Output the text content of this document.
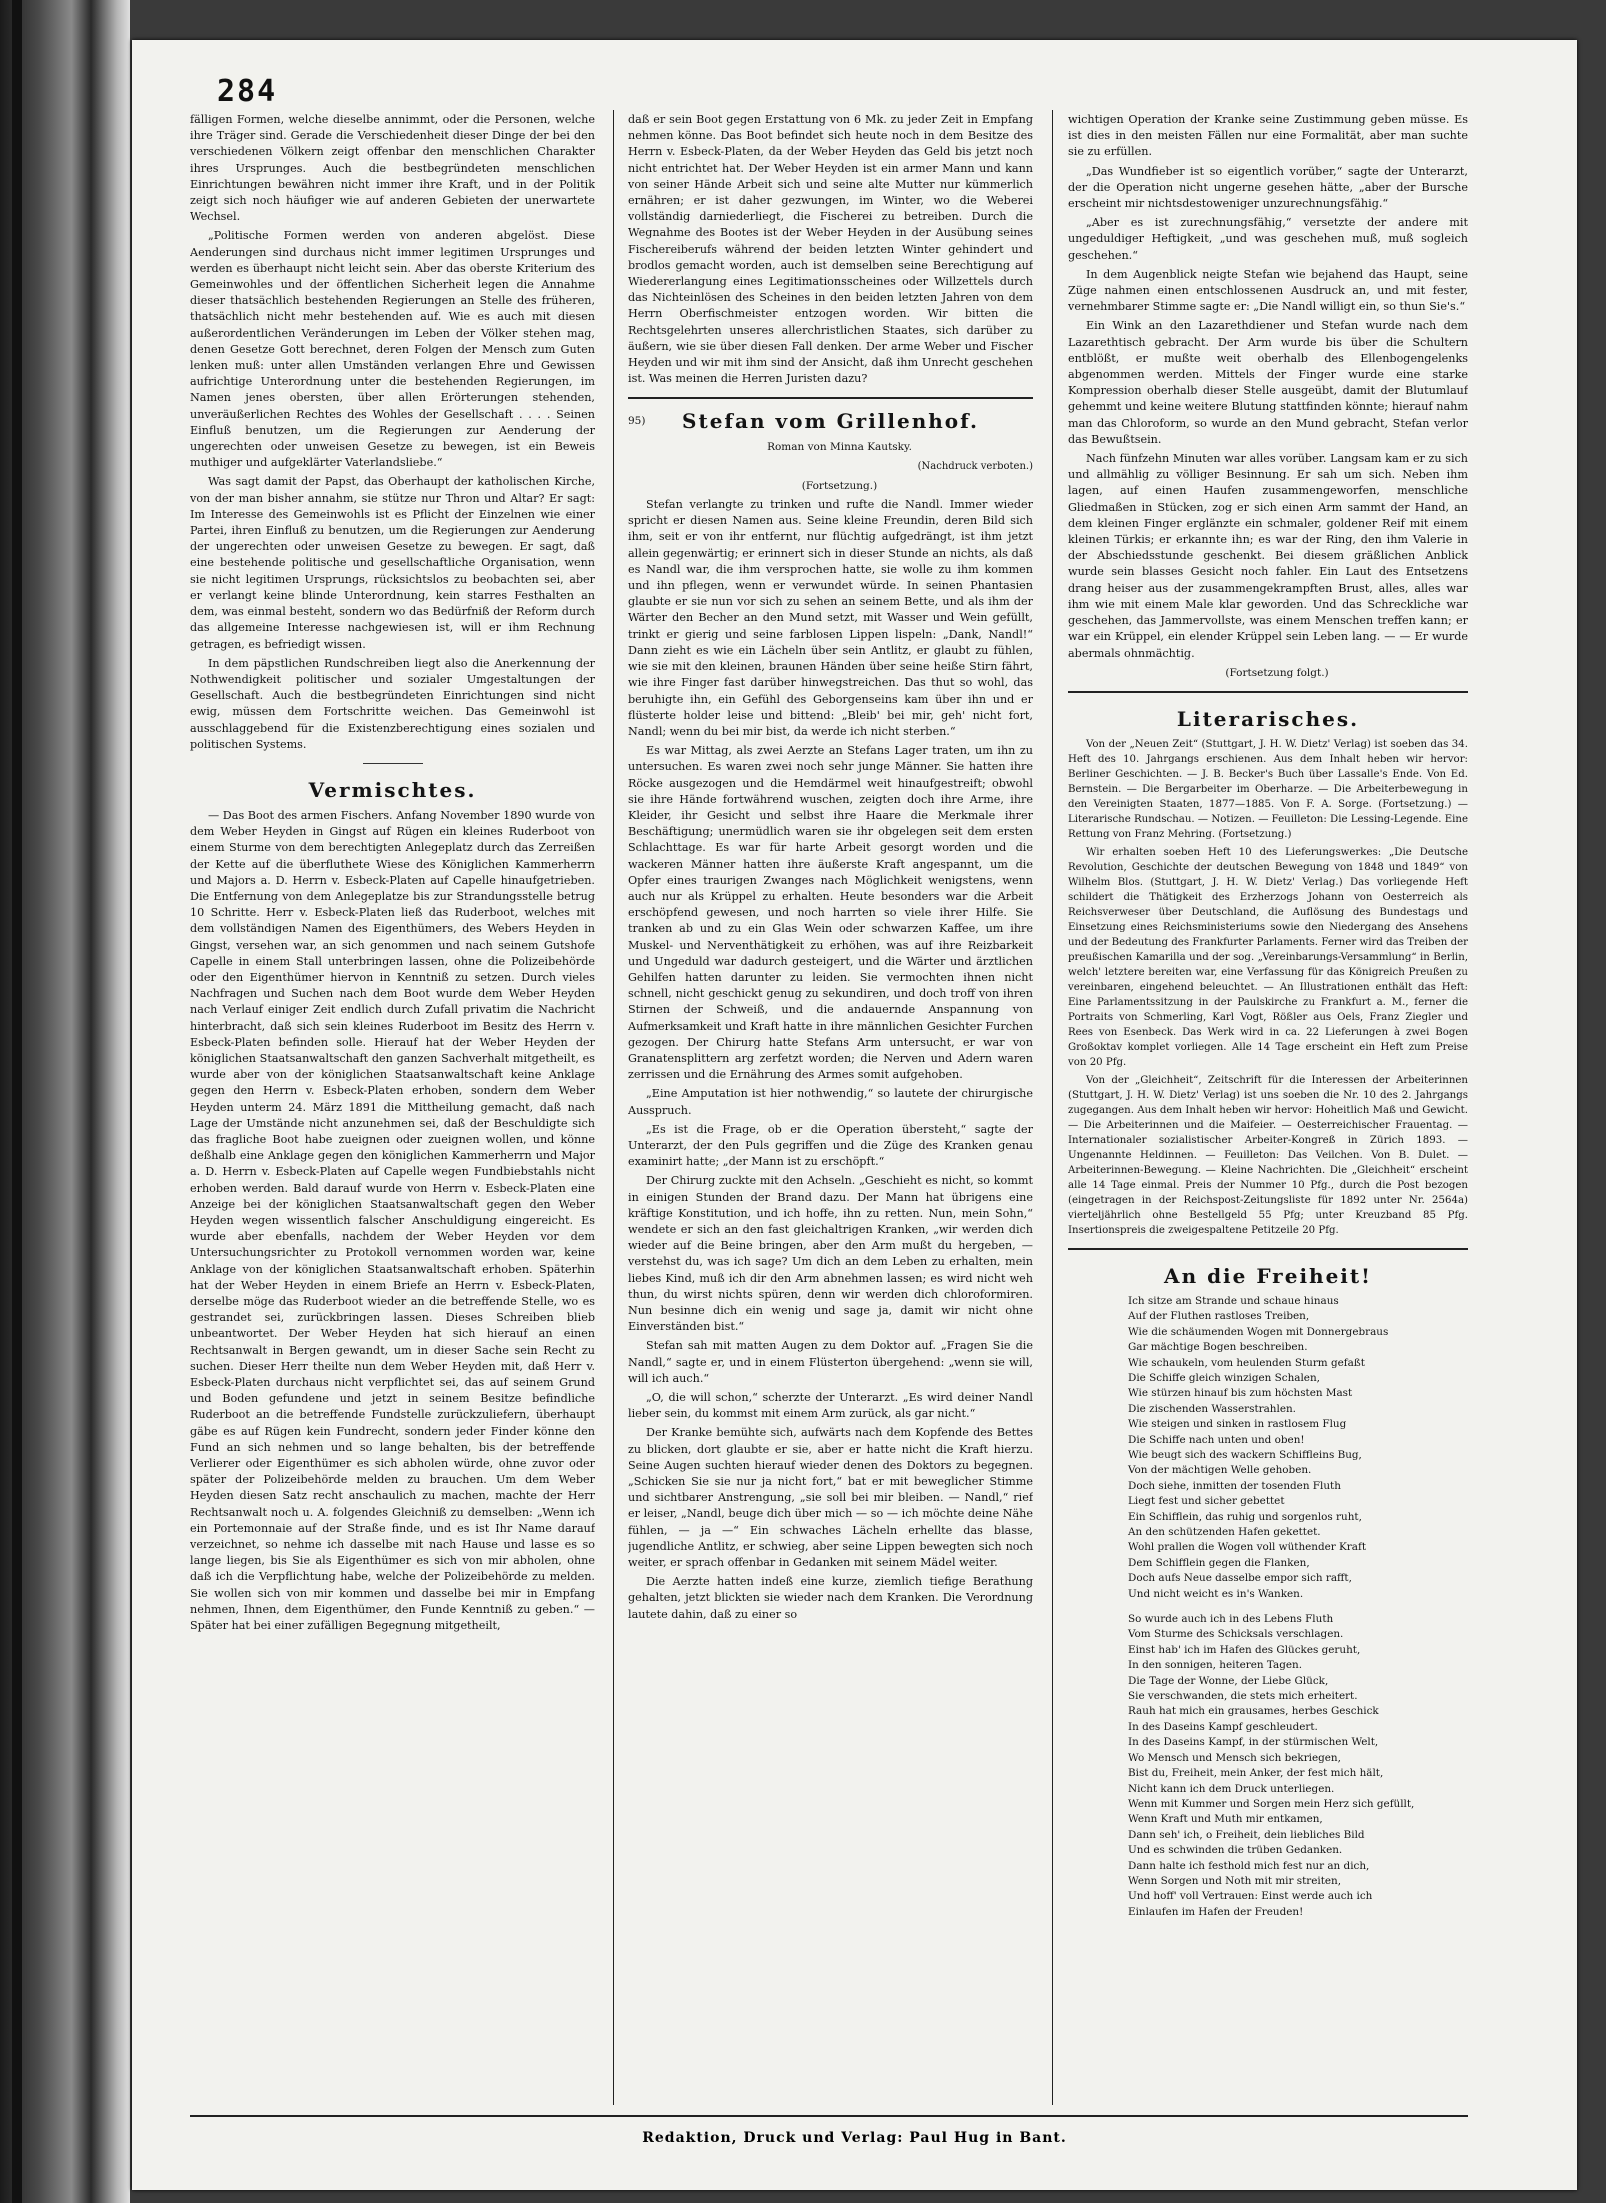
284

fälligen Formen, welche dieselbe annimmt, oder die Personen, welche ihre Träger sind. Gerade die Verschiedenheit dieser Dinge der bei den verschiedenen Völkern zeigt offenbar den menschlichen Charakter ihres Ursprunges. Auch die bestbegründeten menschlichen Einrichtungen bewähren nicht immer ihre Kraft, und in der Politik zeigt sich noch häufiger wie auf anderen Gebieten der unerwartete Wechsel.

„Politische Formen werden von anderen abgelöst. Diese Aenderungen sind durchaus nicht immer legitimen Ursprunges und werden es überhaupt nicht leicht sein. Aber das oberste Kriterium des Gemeinwohles und der öffentlichen Sicherheit legen die Annahme dieser thatsächlich bestehenden Regierungen an Stelle des früheren, thatsächlich nicht mehr bestehenden auf. Wie es auch mit diesen außerordentlichen Veränderungen im Leben der Völker stehen mag, denen Gesetze Gott berechnet, deren Folgen der Mensch zum Guten lenken muß: unter allen Umständen verlangen Ehre und Gewissen aufrichtige Unterordnung unter die bestehenden Regierungen, im Namen jenes obersten, über allen Erörterungen stehenden, unveräußerlichen Rechtes des Wohles der Gesellschaft . . . . Seinen Einfluß benutzen, um die Regierungen zur Aenderung der ungerechten oder unweisen Gesetze zu bewegen, ist ein Beweis muthiger und aufgeklärter Vaterlandsliebe.“

Was sagt damit der Papst, das Oberhaupt der katholischen Kirche, von der man bisher annahm, sie stütze nur Thron und Altar? Er sagt: Im Interesse des Gemeinwohls ist es Pflicht der Einzelnen wie einer Partei, ihren Einfluß zu benutzen, um die Regierungen zur Aenderung der ungerechten oder unweisen Gesetze zu bewegen. Er sagt, daß eine bestehende politische und gesellschaftliche Organisation, wenn sie nicht legitimen Ursprungs, rücksichtslos zu beobachten sei, aber er verlangt keine blinde Unterordnung, kein starres Festhalten an dem, was einmal besteht, sondern wo das Bedürfniß der Reform durch das allgemeine Interesse nachgewiesen ist, will er ihm Rechnung getragen, es befriedigt wissen.

In dem päpstlichen Rundschreiben liegt also die Anerkennung der Nothwendigkeit politischer und sozialer Umgestaltungen der Gesellschaft. Auch die bestbegründeten Einrichtungen sind nicht ewig, müssen dem Fortschritte weichen. Das Gemeinwohl ist ausschlaggebend für die Existenzberechtigung eines sozialen und politischen Systems.

Vermischtes.

— Das Boot des armen Fischers. Anfang November 1890 wurde von dem Weber Heyden in Gingst auf Rügen ein kleines Ruderboot von einem Sturme von dem berechtigten Anlegeplatz durch das Zerreißen der Kette auf die überfluthete Wiese des Königlichen Kammerherrn und Majors a. D. Herrn v. Esbeck-Platen auf Capelle hinaufgetrieben. Die Entfernung von dem Anlegeplatze bis zur Strandungsstelle betrug 10 Schritte. Herr v. Esbeck-Platen ließ das Ruderboot, welches mit dem vollständigen Namen des Eigenthümers, des Webers Heyden in Gingst, versehen war, an sich genommen und nach seinem Gutshofe Capelle in einem Stall unterbringen lassen, ohne die Polizeibehörde oder den Eigenthümer hiervon in Kenntniß zu setzen. Durch vieles Nachfragen und Suchen nach dem Boot wurde dem Weber Heyden nach Verlauf einiger Zeit endlich durch Zufall privatim die Nachricht hinterbracht, daß sich sein kleines Ruderboot im Besitz des Herrn v. Esbeck-Platen befinden solle. Hierauf hat der Weber Heyden der königlichen Staatsanwaltschaft den ganzen Sachverhalt mitgetheilt, es wurde aber von der königlichen Staatsanwaltschaft keine Anklage gegen den Herrn v. Esbeck-Platen erhoben, sondern dem Weber Heyden unterm 24. März 1891 die Mittheilung gemacht, daß nach Lage der Umstände nicht anzunehmen sei, daß der Beschuldigte sich das fragliche Boot habe zueignen oder zueignen wollen, und könne deßhalb eine Anklage gegen den königlichen Kammerherrn und Major a. D. Herrn v. Esbeck-Platen auf Capelle wegen Fundbiebstahls nicht erhoben werden. Bald darauf wurde von Herrn v. Esbeck-Platen eine Anzeige bei der königlichen Staatsanwaltschaft gegen den Weber Heyden wegen wissentlich falscher Anschuldigung eingereicht. Es wurde aber ebenfalls, nachdem der Weber Heyden vor dem Untersuchungsrichter zu Protokoll vernommen worden war, keine Anklage von der königlichen Staatsanwaltschaft erhoben. Späterhin hat der Weber Heyden in einem Briefe an Herrn v. Esbeck-Platen, derselbe möge das Ruderboot wieder an die betreffende Stelle, wo es gestrandet sei, zurückbringen lassen. Dieses Schreiben blieb unbeantwortet. Der Weber Heyden hat sich hierauf an einen Rechtsanwalt in Bergen gewandt, um in dieser Sache sein Recht zu suchen. Dieser Herr theilte nun dem Weber Heyden mit, daß Herr v. Esbeck-Platen durchaus nicht verpflichtet sei, das auf seinem Grund und Boden gefundene und jetzt in seinem Besitze befindliche Ruderboot an die betreffende Fundstelle zurückzuliefern, überhaupt gäbe es auf Rügen kein Fundrecht, sondern jeder Finder könne den Fund an sich nehmen und so lange behalten, bis der betreffende Verlierer oder Eigenthümer es sich abholen würde, ohne zuvor oder später der Polizeibehörde melden zu brauchen. Um dem Weber Heyden diesen Satz recht anschaulich zu machen, machte der Herr Rechtsanwalt noch u. A. folgendes Gleichniß zu demselben: „Wenn ich ein Portemonnaie auf der Straße finde, und es ist Ihr Name darauf verzeichnet, so nehme ich dasselbe mit nach Hause und lasse es so lange liegen, bis Sie als Eigenthümer es sich von mir abholen, ohne daß ich die Verpflichtung habe, welche der Polizeibehörde zu melden. Sie wollen sich von mir kommen und dasselbe bei mir in Empfang nehmen, Ihnen, dem Eigenthümer, den Funde Kenntniß zu geben.“ — Später hat bei einer zufälligen Begegnung mitgetheilt,

daß er sein Boot gegen Erstattung von 6 Mk. zu jeder Zeit in Empfang nehmen könne. Das Boot befindet sich heute noch in dem Besitze des Herrn v. Esbeck-Platen, da der Weber Heyden das Geld bis jetzt noch nicht entrichtet hat. Der Weber Heyden ist ein armer Mann und kann von seiner Hände Arbeit sich und seine alte Mutter nur kümmerlich ernähren; er ist daher gezwungen, im Winter, wo die Weberei vollständig darniederliegt, die Fischerei zu betreiben. Durch die Wegnahme des Bootes ist der Weber Heyden in der Ausübung seines Fischereiberufs während der beiden letzten Winter gehindert und brodlos gemacht worden, auch ist demselben seine Berechtigung auf Wiedererlangung eines Legitimationsscheines oder Willzettels durch das Nichteinlösen des Scheines in den beiden letzten Jahren von dem Herrn Oberfischmeister entzogen worden. Wir bitten die Rechtsgelehrten unseres allerchristlichen Staates, sich darüber zu äußern, wie sie über diesen Fall denken. Der arme Weber und Fischer Heyden und wir mit ihm sind der Ansicht, daß ihm Unrecht geschehen ist. Was meinen die Herren Juristen dazu?

95)	Stefan vom Grillenhof.

Roman von Minna Kautsky.

(Nachdruck verboten.)

(Fortsetzung.)

Stefan verlangte zu trinken und rufte die Nandl. Immer wieder spricht er diesen Namen aus. Seine kleine Freundin, deren Bild sich ihm, seit er von ihr entfernt, nur flüchtig aufgedrängt, ist ihm jetzt allein gegenwärtig; er erinnert sich in dieser Stunde an nichts, als daß es Nandl war, die ihm versprochen hatte, sie wolle zu ihm kommen und ihn pflegen, wenn er verwundet würde. In seinen Phantasien glaubte er sie nun vor sich zu sehen an seinem Bette, und als ihm der Wärter den Becher an den Mund setzt, mit Wasser und Wein gefüllt, trinkt er gierig und seine farblosen Lippen lispeln: „Dank, Nandl!“ Dann zieht es wie ein Lächeln über sein Antlitz, er glaubt zu fühlen, wie sie mit den kleinen, braunen Händen über seine heiße Stirn fährt, wie ihre Finger fast darüber hinwegstreichen. Das thut so wohl, das beruhigte ihn, ein Gefühl des Geborgenseins kam über ihn und er flüsterte holder leise und bittend: „Bleib' bei mir, geh' nicht fort, Nandl; wenn du bei mir bist, da werde ich nicht sterben.“

Es war Mittag, als zwei Aerzte an Stefans Lager traten, um ihn zu untersuchen. Es waren zwei noch sehr junge Männer. Sie hatten ihre Röcke ausgezogen und die Hemdärmel weit hinaufgestreift; obwohl sie ihre Hände fortwährend wuschen, zeigten doch ihre Arme, ihre Kleider, ihr Gesicht und selbst ihre Haare die Merkmale ihrer Beschäftigung; unermüdlich waren sie ihr obgelegen seit dem ersten Schlachttage. Es war für harte Arbeit gesorgt worden und die wackeren Männer hatten ihre äußerste Kraft angespannt, um die Opfer eines traurigen Zwanges nach Möglichkeit wenigstens, wenn auch nur als Krüppel zu erhalten. Heute besonders war die Arbeit erschöpfend gewesen, und noch harrten so viele ihrer Hilfe. Sie tranken ab und zu ein Glas Wein oder schwarzen Kaffee, um ihre Muskel- und Nerventhätigkeit zu erhöhen, was auf ihre Reizbarkeit und Ungeduld war dadurch gesteigert, und die Wärter und ärztlichen Gehilfen hatten darunter zu leiden. Sie vermochten ihnen nicht schnell, nicht geschickt genug zu sekundiren, und doch troff von ihren Stirnen der Schweiß, und die andauernde Anspannung von Aufmerksamkeit und Kraft hatte in ihre männlichen Gesichter Furchen gezogen. Der Chirurg hatte Stefans Arm untersucht, er war von Granatensplittern arg zerfetzt worden; die Nerven und Adern waren zerrissen und die Ernährung des Armes somit aufgehoben.

„Eine Amputation ist hier nothwendig,“ so lautete der chirurgische Ausspruch.

„Es ist die Frage, ob er die Operation übersteht,“ sagte der Unterarzt, der den Puls gegriffen und die Züge des Kranken genau examinirt hatte; „der Mann ist zu erschöpft.“

Der Chirurg zuckte mit den Achseln. „Geschieht es nicht, so kommt in einigen Stunden der Brand dazu. Der Mann hat übrigens eine kräftige Konstitution, und ich hoffe, ihn zu retten. Nun, mein Sohn,“ wendete er sich an den fast gleichaltrigen Kranken, „wir werden dich wieder auf die Beine bringen, aber den Arm mußt du hergeben, — verstehst du, was ich sage? Um dich an dem Leben zu erhalten, mein liebes Kind, muß ich dir den Arm abnehmen lassen; es wird nicht weh thun, du wirst nichts spüren, denn wir werden dich chloroformiren. Nun besinne dich ein wenig und sage ja, damit wir nicht ohne Einverständen bist.“

Stefan sah mit matten Augen zu dem Doktor auf. „Fragen Sie die Nandl,“ sagte er, und in einem Flüsterton übergehend: „wenn sie will, will ich auch.“

„O, die will schon,“ scherzte der Unterarzt. „Es wird deiner Nandl lieber sein, du kommst mit einem Arm zurück, als gar nicht.“

Der Kranke bemühte sich, aufwärts nach dem Kopfende des Bettes zu blicken, dort glaubte er sie, aber er hatte nicht die Kraft hierzu. Seine Augen suchten hierauf wieder denen des Doktors zu begegnen. „Schicken Sie sie nur ja nicht fort,“ bat er mit beweglicher Stimme und sichtbarer Anstrengung, „sie soll bei mir bleiben. — Nandl,“ rief er leiser, „Nandl, beuge dich über mich — so — ich möchte deine Nähe fühlen, — ja —“ Ein schwaches Lächeln erhellte das blasse, jugendliche Antlitz, er schwieg, aber seine Lippen bewegten sich noch weiter, er sprach offenbar in Gedanken mit seinem Mädel weiter.

Die Aerzte hatten indeß eine kurze, ziemlich tiefige Berathung gehalten, jetzt blickten sie wieder nach dem Kranken. Die Verordnung lautete dahin, daß zu einer so

wichtigen Operation der Kranke seine Zustimmung geben müsse. Es ist dies in den meisten Fällen nur eine Formalität, aber man suchte sie zu erfüllen.

„Das Wundfieber ist so eigentlich vorüber,“ sagte der Unterarzt, der die Operation nicht ungerne gesehen hätte, „aber der Bursche erscheint mir nichtsdestoweniger unzurechnungsfähig.“

„Aber es ist zurechnungsfähig,“ versetzte der andere mit ungeduldiger Heftigkeit, „und was geschehen muß, muß sogleich geschehen.“

In dem Augenblick neigte Stefan wie bejahend das Haupt, seine Züge nahmen einen entschlossenen Ausdruck an, und mit fester, vernehmbarer Stimme sagte er: „Die Nandl willigt ein, so thun Sie's.“

Ein Wink an den Lazarethdiener und Stefan wurde nach dem Lazarethtisch gebracht. Der Arm wurde bis über die Schultern entblößt, er mußte weit oberhalb des Ellenbogengelenks abgenommen werden. Mittels der Finger wurde eine starke Kompression oberhalb dieser Stelle ausgeübt, damit der Blutumlauf gehemmt und keine weitere Blutung stattfinden könnte; hierauf nahm man das Chloroform, so wurde an den Mund gebracht, Stefan verlor das Bewußtsein.

Nach fünfzehn Minuten war alles vorüber. Langsam kam er zu sich und allmählig zu völliger Besinnung. Er sah um sich. Neben ihm lagen, auf einen Haufen zusammengeworfen, menschliche Gliedmaßen in Stücken, zog er sich einen Arm sammt der Hand, an dem kleinen Finger erglänzte ein schmaler, goldener Reif mit einem kleinen Türkis; er erkannte ihn; es war der Ring, den ihm Valerie in der Abschiedsstunde geschenkt. Bei diesem gräßlichen Anblick wurde sein blasses Gesicht noch fahler. Ein Laut des Entsetzens drang heiser aus der zusammengekrampften Brust, alles, alles war ihm wie mit einem Male klar geworden. Und das Schreckliche war geschehen, das Jammervollste, was einem Menschen treffen kann; er war ein Krüppel, ein elender Krüppel sein Leben lang. — — Er wurde abermals ohnmächtig.

(Fortsetzung folgt.)

Literarisches.

Von der „Neuen Zeit“ (Stuttgart, J. H. W. Dietz' Verlag) ist soeben das 34. Heft des 10. Jahrgangs erschienen. Aus dem Inhalt heben wir hervor: Berliner Geschichten. — J. B. Becker's Buch über Lassalle's Ende. Von Ed. Bernstein. — Die Bergarbeiter im Oberharze. — Die Arbeiterbewegung in den Vereinigten Staaten, 1877—1885. Von F. A. Sorge. (Fortsetzung.) — Literarische Rundschau. — Notizen. — Feuilleton: Die Lessing-Legende. Eine Rettung von Franz Mehring. (Fortsetzung.)

Wir erhalten soeben Heft 10 des Lieferungswerkes: „Die Deutsche Revolution, Geschichte der deutschen Bewegung von 1848 und 1849“ von Wilhelm Blos. (Stuttgart, J. H. W. Dietz' Verlag.) Das vorliegende Heft schildert die Thätigkeit des Erzherzogs Johann von Oesterreich als Reichsverweser über Deutschland, die Auflösung des Bundestags und Einsetzung eines Reichsministeriums sowie den Niedergang des Ansehens und der Bedeutung des Frankfurter Parlaments. Ferner wird das Treiben der preußischen Kamarilla und der sog. „Vereinbarungs-Versammlung“ in Berlin, welch' letztere bereiten war, eine Verfassung für das Königreich Preußen zu vereinbaren, eingehend beleuchtet. — An Illustrationen enthält das Heft: Eine Parlamentssitzung in der Paulskirche zu Frankfurt a. M., ferner die Portraits von Schmerling, Karl Vogt, Rößler aus Oels, Franz Ziegler und Rees von Esenbeck. Das Werk wird in ca. 22 Lieferungen à zwei Bogen Großoktav komplet vorliegen. Alle 14 Tage erscheint ein Heft zum Preise von 20 Pfg.

Von der „Gleichheit“, Zeitschrift für die Interessen der Arbeiterinnen (Stuttgart, J. H. W. Dietz' Verlag) ist uns soeben die Nr. 10 des 2. Jahrgangs zugegangen. Aus dem Inhalt heben wir hervor: Hoheitlich Maß und Gewicht. — Die Arbeiterinnen und die Maifeier. — Oesterreichischer Frauentag. — Internationaler sozialistischer Arbeiter-Kongreß in Zürich 1893. — Ungenannte Heldinnen. — Feuilleton: Das Veilchen. Von B. Dulet. — Arbeiterinnen-Bewegung. — Kleine Nachrichten. Die „Gleichheit“ erscheint alle 14 Tage einmal. Preis der Nummer 10 Pfg., durch die Post bezogen (eingetragen in der Reichspost-Zeitungsliste für 1892 unter Nr. 2564a) vierteljährlich ohne Bestellgeld 55 Pfg; unter Kreuzband 85 Pfg. Insertionspreis die zweigespaltene Petitzeile 20 Pfg.

An die Freiheit!
Ich sitze am Strande und schaue hinaus
Auf der Fluthen rastloses Treiben,
Wie die schäumenden Wogen mit Donnergebraus
Gar mächtige Bogen beschreiben.
Wie schaukeln, vom heulenden Sturm gefaßt
Die Schiffe gleich winzigen Schalen,
Wie stürzen hinauf bis zum höchsten Mast
Die zischenden Wasserstrahlen.
Wie steigen und sinken in rastlosem Flug
Die Schiffe nach unten und oben!
Wie beugt sich des wackern Schiffleins Bug,
Von der mächtigen Welle gehoben.
Doch siehe, inmitten der tosenden Fluth
Liegt fest und sicher gebettet
Ein Schifflein, das ruhig und sorgenlos ruht,
An den schützenden Hafen gekettet.
Wohl prallen die Wogen voll wüthender Kraft
Dem Schifflein gegen die Flanken,
Doch aufs Neue dasselbe empor sich rafft,
Und nicht weicht es in's Wanken.
So wurde auch ich in des Lebens Fluth
Vom Sturme des Schicksals verschlagen.
Einst hab' ich im Hafen des Glückes geruht,
In den sonnigen, heiteren Tagen.
Die Tage der Wonne, der Liebe Glück,
Sie verschwanden, die stets mich erheitert.
Rauh hat mich ein grausames, herbes Geschick
In des Daseins Kampf geschleudert.
In des Daseins Kampf, in der stürmischen Welt,
Wo Mensch und Mensch sich bekriegen,
Bist du, Freiheit, mein Anker, der fest mich hält,
Nicht kann ich dem Druck unterliegen.
Wenn mit Kummer und Sorgen mein Herz sich gefüllt,
Wenn Kraft und Muth mir entkamen,
Dann seh' ich, o Freiheit, dein liebliches Bild
Und es schwinden die trüben Gedanken.
Dann halte ich festhold mich fest nur an dich,
Wenn Sorgen und Noth mit mir streiten,
Und hoff' voll Vertrauen: Einst werde auch ich
Einlaufen im Hafen der Freuden!
Redaktion, Druck und Verlag: Paul Hug in Bant.
